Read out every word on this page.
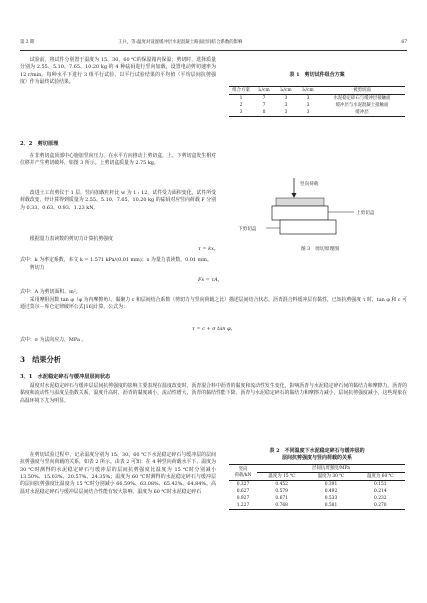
第 2 期	王兵，等:温度对设置缓冲层水泥混凝土路面层间结合系数的影响	67

试验前，将试件分别置于温度为 15、30、60 ℃的保温箱内保温；剪切时，选择质量分别为 2.55、5.10、7.65、10.20 kg 的 4 种砝码进行竖向加载，设置电动剪切速率为 12 r/min。每种水平下进行 3 组平行试验，以平行试验结果的平均值（平均层间抗剪强度）作为最终试验结果。

2．2　剪切原理

在非剪切盒顶部中心施加竖向压力，在水平方向推动上剪切盒，上、下剪切盒发生相对位移并产生剪切破坏，如图 3 所示。上剪切盒质量为 2.75 kg。

表 1　剪切试件组合方案
组合方案	l₁/cm	l₂/cm	l₃/cm	被剪切面
1	7	3	3	水泥稳定碎石与缓冲层接触面
2	7	3	3	缓冲层与水泥混凝土接触面
3	0	3	3	缓冲层
竖向荷载
上剪切盒
下剪切盒
图 3　剪切原理图

改进土工直剪仪于 1 层，竖向加载杠杆比 w 为 1 : 12，试件受力面积变化，试件所受荷载改变，经计算得到质量为 2.55、5.10、7.65、10.20 kg 的砝码对应竖向荷载 F 分别为 0.33、0.63、0.93、1.23 kN。

根据量力表读数的剪切力计算抗剪强度

τ = kx，

式中：k 为率定系数，本文 k = 1.571 kPa/(0.01 mm)；x 为量力表读数，0.01 mm。

剪切力

Fs = τA，

式中：A 为剪切面积，m²。

采用摩阻因数 tan φ（φ 为内摩擦角）、黏聚力 c 和层间结合系数（剪切力与竖向荷载之比）描述层间结合状态。沥青混合料缓冲层有黏性，已知抗剪强度 τ 时，tan φ 和 c 可通过莫尔－库仑定律破坏公式[16]计算，公式为：

τ = c + σ tan φ，

式中：σ 为法向应力，MPa 。

3　结果分析
3．1　水泥稳定碎石与缓冲层层间状态

温度对水泥稳定碎石与缓冲层层间抗剪强度的影响主要表现在温度改变时，沥青混合料中沥青的黏度和流动性发生变化，影响沥青与水泥稳定碎石间的黏结力和摩擦力。沥青的黏度和流动性与温度呈指数关系，温度升高时，沥青的黏度减小，流动性增大，沥青的黏结性能下降，沥青与水泥稳定碎石的黏结力和摩擦力减小，层间抗剪强度减小，这些现象在高温环境下尤为明显。

在剪切试验过程中，记录温度分别为 15、30、60 ℃下水泥稳定碎石与缓冲层的层间抗剪强度与竖向荷载的关系，如表 2 所示。由表 2 可知：在 4 种竖向荷载水平下，温度为 30 ℃时测得的水泥稳定碎石与缓冲层的层间抗剪强度比温度为 15 ℃时分别减小 13.50%、15.03%、20.57%、24.35%；温度为 60 ℃时测得的水泥稳定碎石与缓冲层的层间抗剪强度比温度为 15 ℃时分别减小 66.59%、63.08%、65.42%、64.84%。高温对水泥稳定碎石与缓冲层层间结合性能有较大影响，温度为 60 ℃时水泥稳定碎石

表 2　不同温度下水泥稳定碎石与缓冲层的
层间抗剪强度与竖向荷载的关系
竖向
荷载/kN	层间抗剪强度/MPa		
	温度为 15 ℃	温度为 30 ℃	温度为 60 ℃
0.327	0.452	0.391	0.151
0.627	0.579	0.492	0.214
0.927	0.671	0.533	0.232
1.227	0.768	0.581	0.270
